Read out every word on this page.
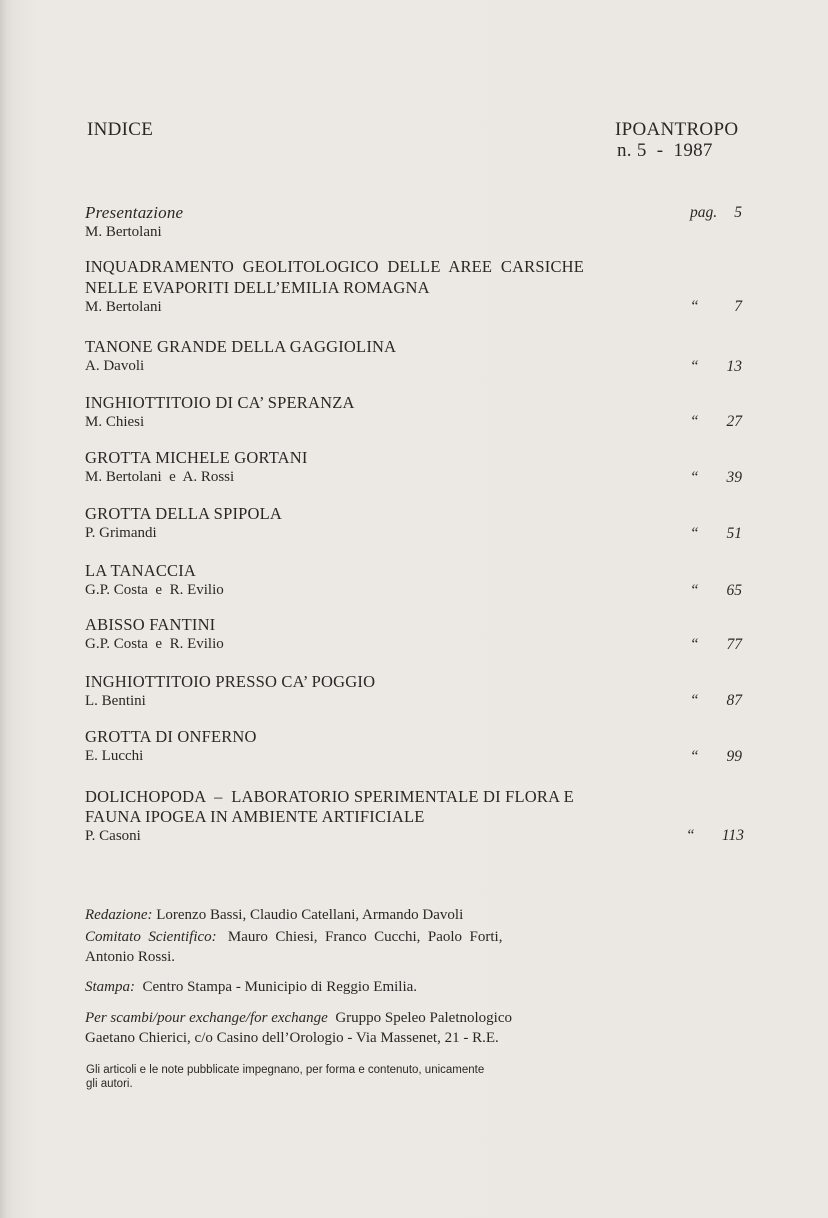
INDICE	IPOANTROPO
n. 5  -  1987
Presentazione
M. Bertolani
pag. 5
INQUADRAMENTO  GEOLITOLOGICO  DELLE  AREE  CARSICHE
NELLE EVAPORITI DELL’EMILIA ROMAGNA
M. Bertolani	“ 7
TANONE GRANDE DELLA GAGGIOLINA
A. Davoli	“ 13
INGHIOTTITOIO DI CA’ SPERANZA
M. Chiesi	“ 27
GROTTA MICHELE GORTANI
M. Bertolani  e  A. Rossi	“ 39
GROTTA DELLA SPIPOLA
P. Grimandi	“ 51
LA TANACCIA
G.P. Costa  e  R. Evilio	“ 65
ABISSO FANTINI
G.P. Costa  e  R. Evilio	“ 77
INGHIOTTITOIO PRESSO CA’ POGGIO
L. Bentini	“ 87
GROTTA DI ONFERNO
E. Lucchi	“ 99
DOLICHOPODA  –  LABORATORIO SPERIMENTALE DI FLORA E
FAUNA IPOGEA IN AMBIENTE ARTIFICIALE
P. Casoni	“ 113
Redazione: Lorenzo Bassi, Claudio Catellani, Armando Davoli
Comitato  Scientifico:   Mauro  Chiesi,  Franco  Cucchi,  Paolo  Forti,
Antonio Rossi.
Stampa:  Centro Stampa - Municipio di Reggio Emilia.
Per scambi/pour exchange/for exchange  Gruppo Speleo Paletnologico
Gaetano Chierici, c/o Casino dell’Orologio - Via Massenet, 21 - R.E.
Gli articoli e le note pubblicate impegnano, per forma e contenuto, unicamente
gli autori.
